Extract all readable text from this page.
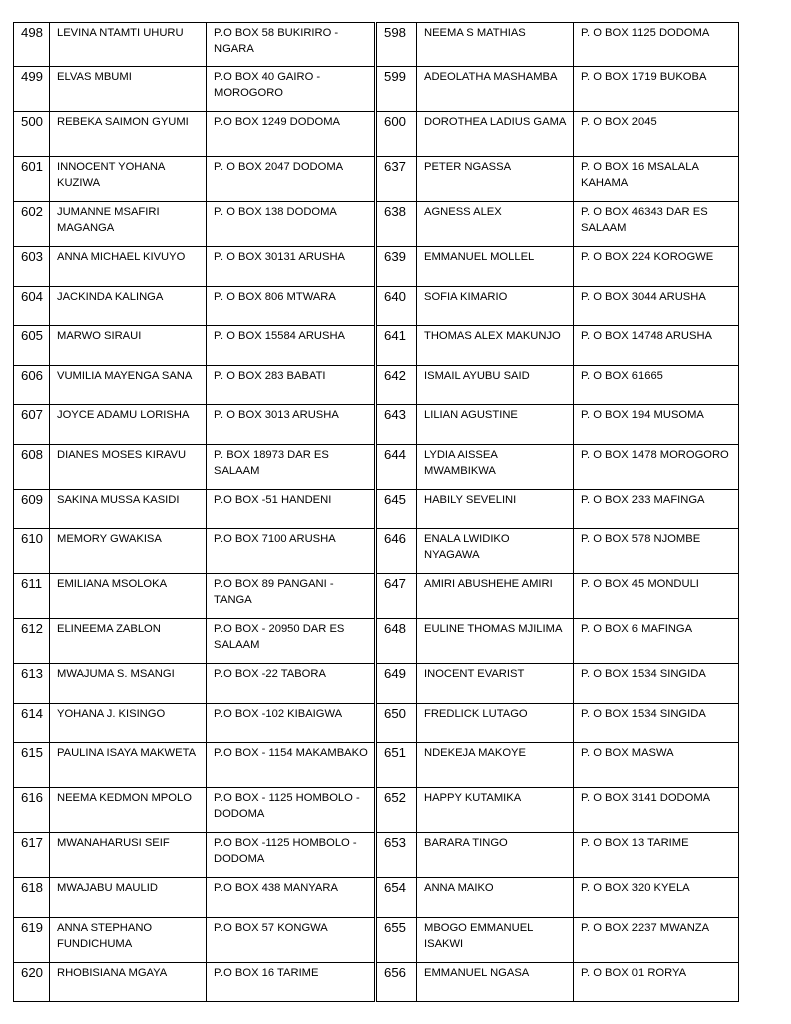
498	LEVINA NTAMTI UHURU	P.O BOX 58 BUKIRIRO - NGARA		598	NEEMA S MATHIAS	P. O BOX 1125 DODOMA
499	ELVAS MBUMI	P.O BOX 40 GAIRO - MOROGORO		599	ADEOLATHA MASHAMBA	P. O BOX 1719 BUKOBA
500	REBEKA SAIMON GYUMI	P.O BOX 1249 DODOMA		600	DOROTHEA LADIUS GAMA	P. O BOX 2045
601	INNOCENT YOHANA KUZIWA	P. O BOX 2047 DODOMA		637	PETER NGASSA	P. O BOX 16 MSALALA KAHAMA
602	JUMANNE MSAFIRI MAGANGA	P. O BOX 138 DODOMA		638	AGNESS ALEX	P. O BOX 46343 DAR ES SALAAM
603	ANNA MICHAEL KIVUYO	P. O BOX 30131 ARUSHA		639	EMMANUEL MOLLEL	P. O BOX 224 KOROGWE
604	JACKINDA KALINGA	P. O BOX 806 MTWARA		640	SOFIA KIMARIO	P. O BOX 3044 ARUSHA
605	MARWO SIRAUI	P. O BOX 15584 ARUSHA		641	THOMAS ALEX MAKUNJO	P. O BOX 14748 ARUSHA
606	VUMILIA MAYENGA SANA	P. O BOX 283 BABATI		642	ISMAIL AYUBU SAID	P. O BOX 61665
607	JOYCE ADAMU LORISHA	P. O BOX 3013 ARUSHA		643	LILIAN AGUSTINE	P. O BOX 194 MUSOMA
608	DIANES MOSES KIRAVU	P. BOX 18973 DAR ES SALAAM		644	LYDIA AISSEA MWAMBIKWA	P. O BOX 1478 MOROGORO
609	SAKINA MUSSA KASIDI	P.O BOX -51 HANDENI		645	HABILY SEVELINI	P. O BOX 233 MAFINGA
610	MEMORY GWAKISA	P.O BOX 7100 ARUSHA		646	ENALA LWIDIKO NYAGAWA	P. O BOX 578 NJOMBE
611	EMILIANA MSOLOKA	P.O BOX 89 PANGANI - TANGA		647	AMIRI ABUSHEHE AMIRI	P. O BOX 45 MONDULI
612	ELINEEMA ZABLON	P.O BOX - 20950 DAR ES SALAAM		648	EULINE THOMAS MJILIMA	P. O BOX 6 MAFINGA
613	MWAJUMA S. MSANGI	P.O BOX -22 TABORA		649	INOCENT EVARIST	P. O BOX 1534 SINGIDA
614	YOHANA J. KISINGO	P.O BOX -102 KIBAIGWA		650	FREDLICK LUTAGO	P. O BOX 1534 SINGIDA
615	PAULINA ISAYA MAKWETA	P.O BOX - 1154 MAKAMBAKO		651	NDEKEJA MAKOYE	P. O BOX MASWA
616	NEEMA KEDMON MPOLO	P.O BOX - 1125 HOMBOLO - DODOMA		652	HAPPY KUTAMIKA	P. O BOX 3141 DODOMA
617	MWANAHARUSI SEIF	P.O BOX -1125 HOMBOLO - DODOMA		653	BARARA TINGO	P. O BOX 13 TARIME
618	MWAJABU MAULID	P.O BOX 438 MANYARA		654	ANNA MAIKO	P. O BOX 320 KYELA
619	ANNA STEPHANO FUNDICHUMA	P.O BOX 57 KONGWA		655	MBOGO EMMANUEL ISAKWI	P. O BOX 2237 MWANZA
620	RHOBISIANA MGAYA	P.O BOX 16 TARIME		656	EMMANUEL NGASA	P. O BOX 01 RORYA
